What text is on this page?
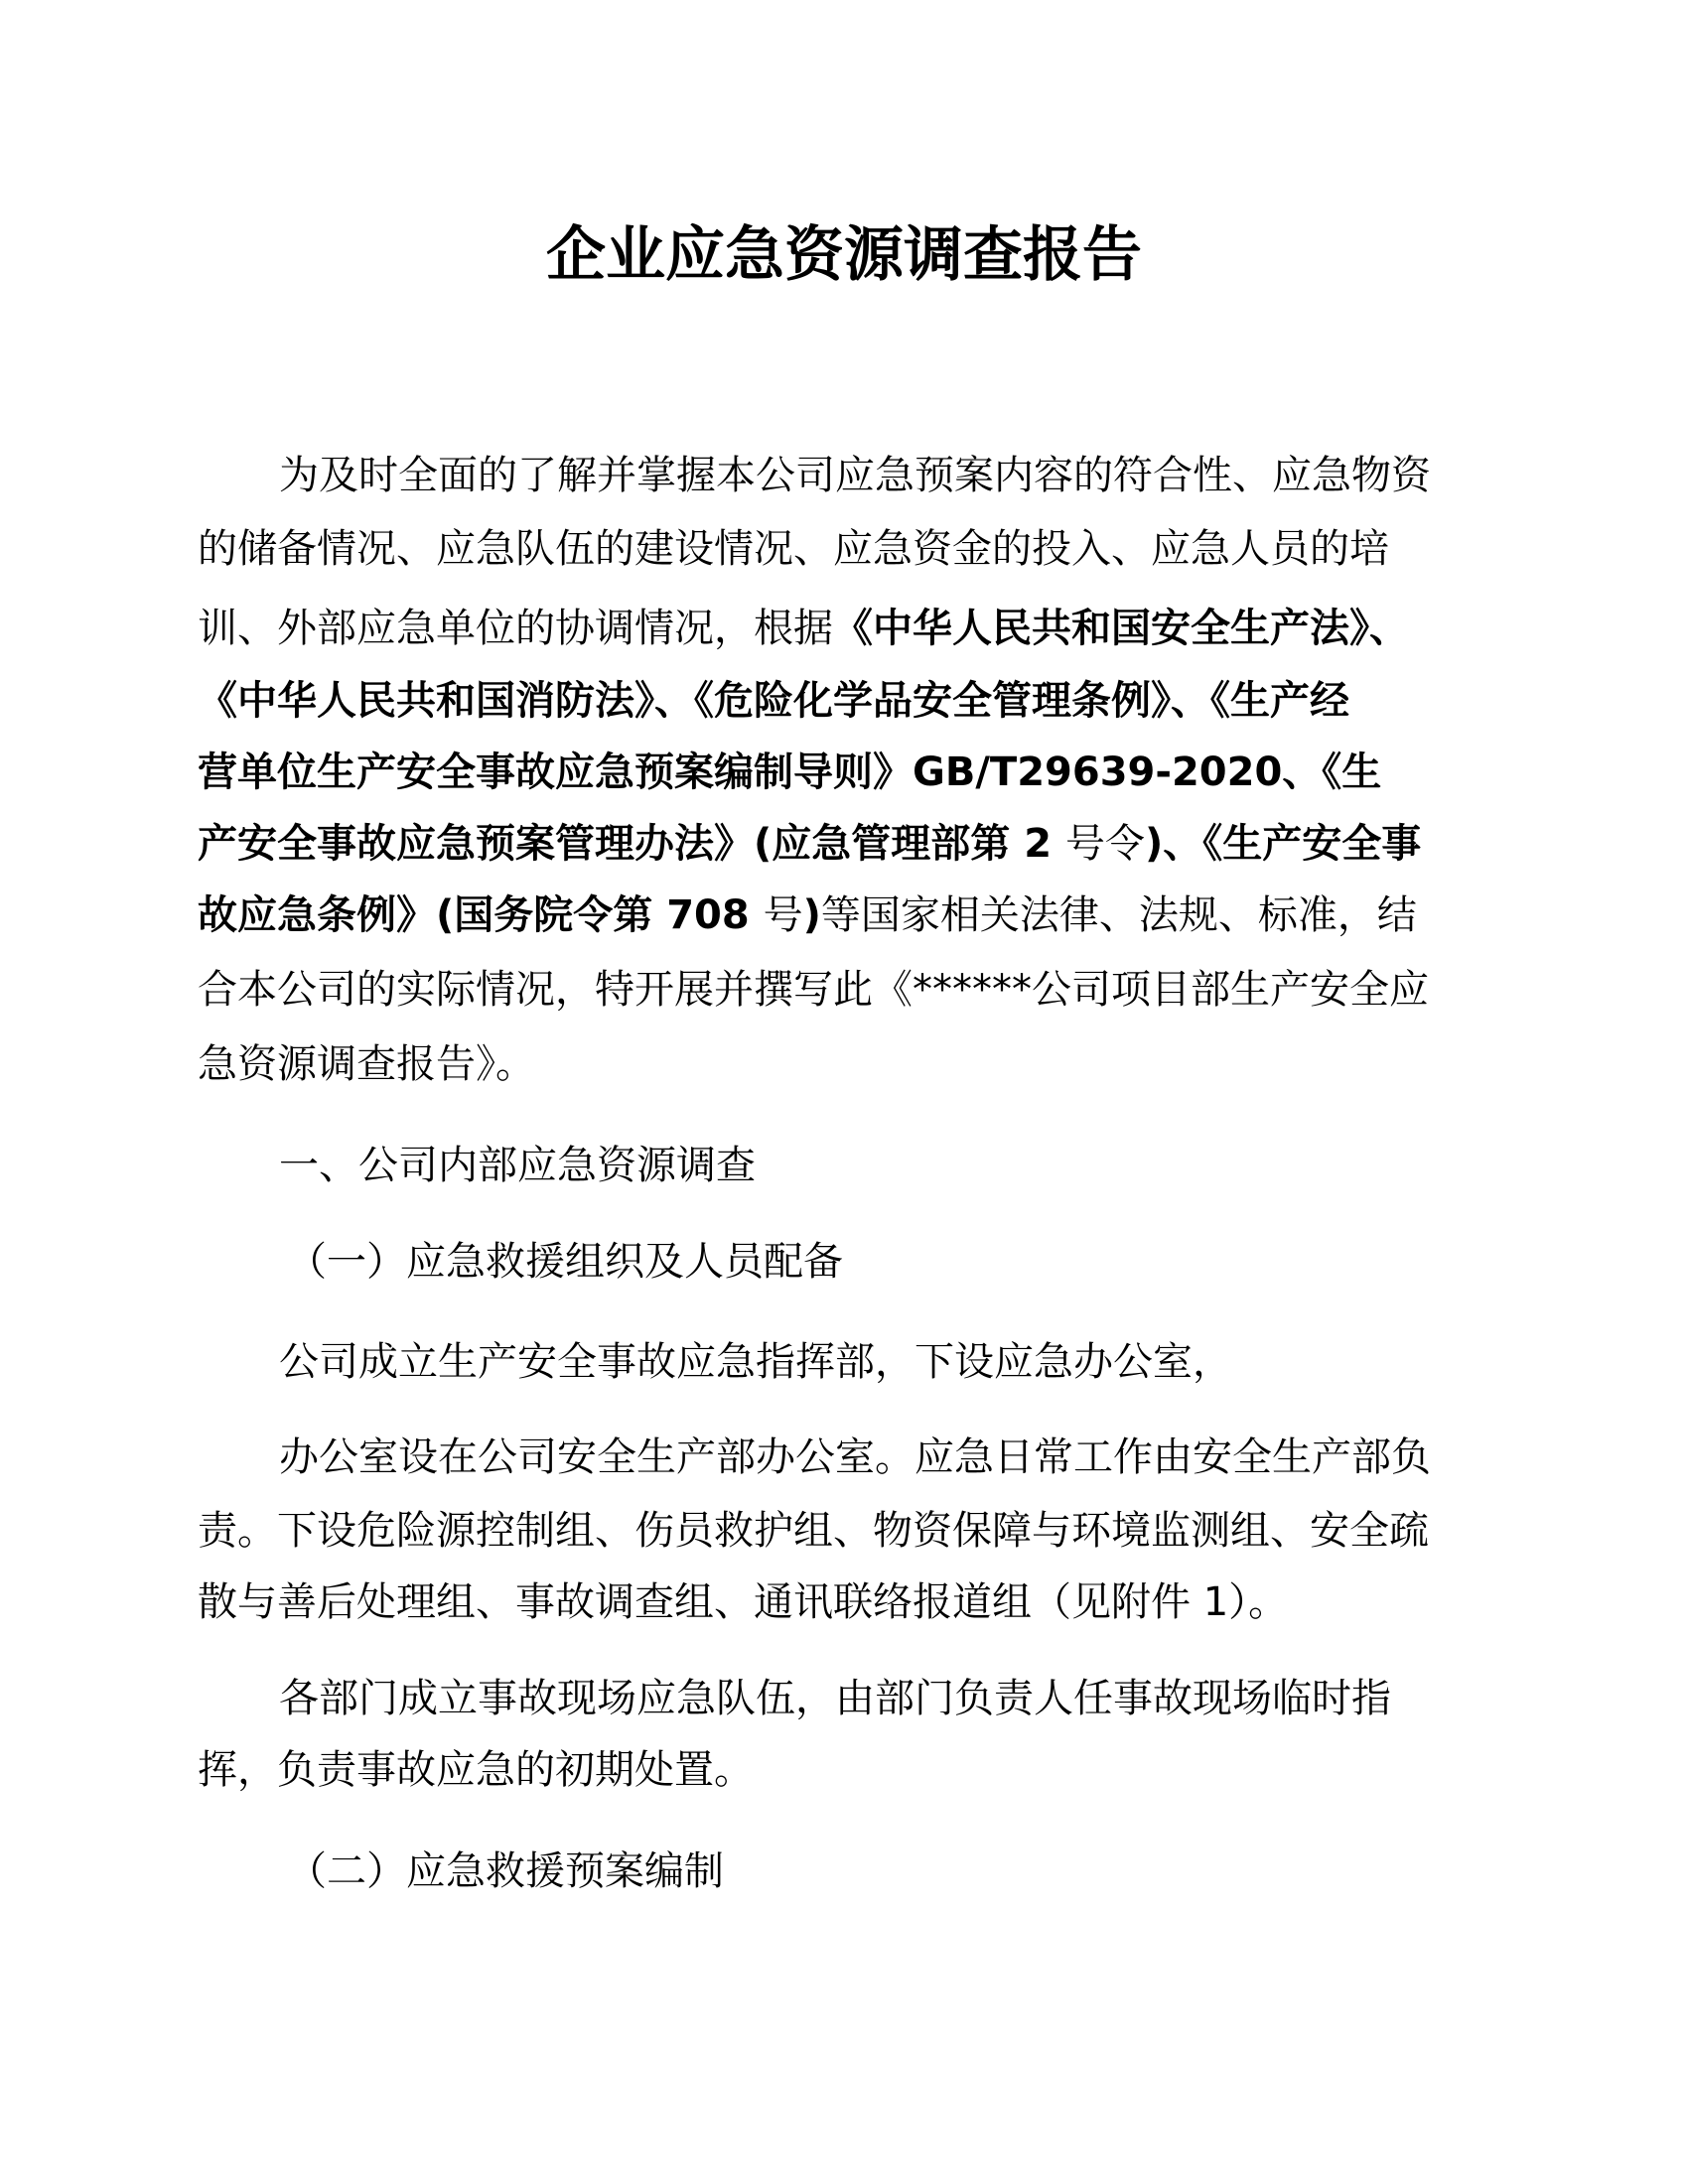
企业应急资源调查报告
为及时全面的了解并掌握本公司应急预案内容的符合性、应急物资
的储备情况、应急队伍的建设情况、应急资金的投入、应急人员的培
训、外部应急单位的协调情况，根据《中华人民共和国安全生产法》、
《中华人民共和国消防法》、《危险化学品安全管理条例》、《生产经
营单位生产安全事故应急预案编制导则》GB/T29639-2020、《生
产安全事故应急预案管理办法》(应急管理部第 2 号令)、《生产安全事
故应急条例》(国务院令第 708 号)等国家相关法律、法规、标准，结
合本公司的实际情况，特开展并撰写此《******公司项目部生产安全应
急资源调查报告》。
一、公司内部应急资源调查
（一）应急救援组织及人员配备
公司成立生产安全事故应急指挥部，下设应急办公室，
办公室设在公司安全生产部办公室。应急日常工作由安全生产部负
责。下设危险源控制组、伤员救护组、物资保障与环境监测组、安全疏
散与善后处理组、事故调查组、通讯联络报道组（见附件 1）。
各部门成立事故现场应急队伍，由部门负责人任事故现场临时指
挥，负责事故应急的初期处置。
（二）应急救援预案编制
